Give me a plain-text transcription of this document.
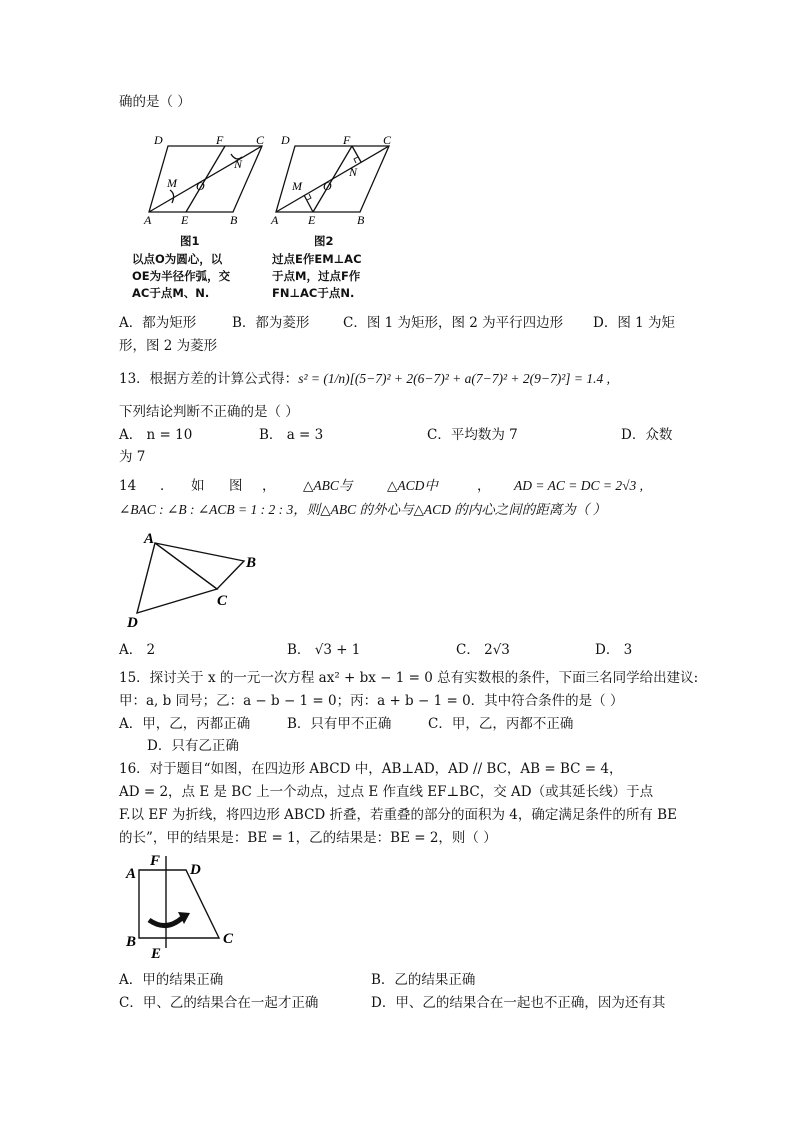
确的是（ ）
A	B
C
D
E
F
M
N
O
图1
以点O为圆心，以
OE为半径作弧，交
AC于点M、N.
A	B
C
D
E
F
M
N
O
图2
过点E作EM⊥AC
于点M，过点F作
FN⊥AC于点N.
A．都为矩形	B．都为菱形 C．图 1 为矩形，图 2 为平行四边形 D．图 1 为矩
形，图 2 为菱形
13．根据方差的计算公式得：s² = (1/n)[(5−7)² + 2(6−7)² + a(7−7)² + 2(9−7)²] = 1.4 ,
下列结论判断不正确的是（ ）
A． n = 10	B． a = 3	C．平均数为 7	D．众数
为 7
14 ． 如 图 ， △ABC与	△ACD中	， AD = AC = DC = 2√3 ,
∠BAC : ∠B : ∠ACB = 1 : 2 : 3，则△ABC 的外心与△ACD 的内心之间的距离为（ ）
A
B
C
D
A． 2	B． √3 + 1	C． 2√3	D． 3
15．探讨关于 x 的一元一次方程 ax² + bx − 1 = 0 总有实数根的条件，下面三名同学给出建议:
甲：a, b 同号；乙：a − b − 1 = 0；丙：a + b − 1 = 0．其中符合条件的是（ ）
A．甲，乙，丙都正确	B．只有甲不正确	C．甲，乙，丙都不正确
D．只有乙正确
16．对于题目“如图，在四边形 ABCD 中，AB⊥AD，AD // BC，AB = BC = 4，
AD = 2，点 E 是 BC 上一个动点，过点 E 作直线 EF⊥BC，交 AD（或其延长线）于点
F.以 EF 为折线，将四边形 ABCD 折叠，若重叠的部分的面积为 4，确定满足条件的所有 BE
的长”，甲的结果是：BE = 1，乙的结果是：BE = 2，则（ ）
A
B	C
D
E
F
A．甲的结果正确	B．乙的结果正确
C．甲、乙的结果合在一起才正确	D．甲、乙的结果合在一起也不正确，因为还有其
